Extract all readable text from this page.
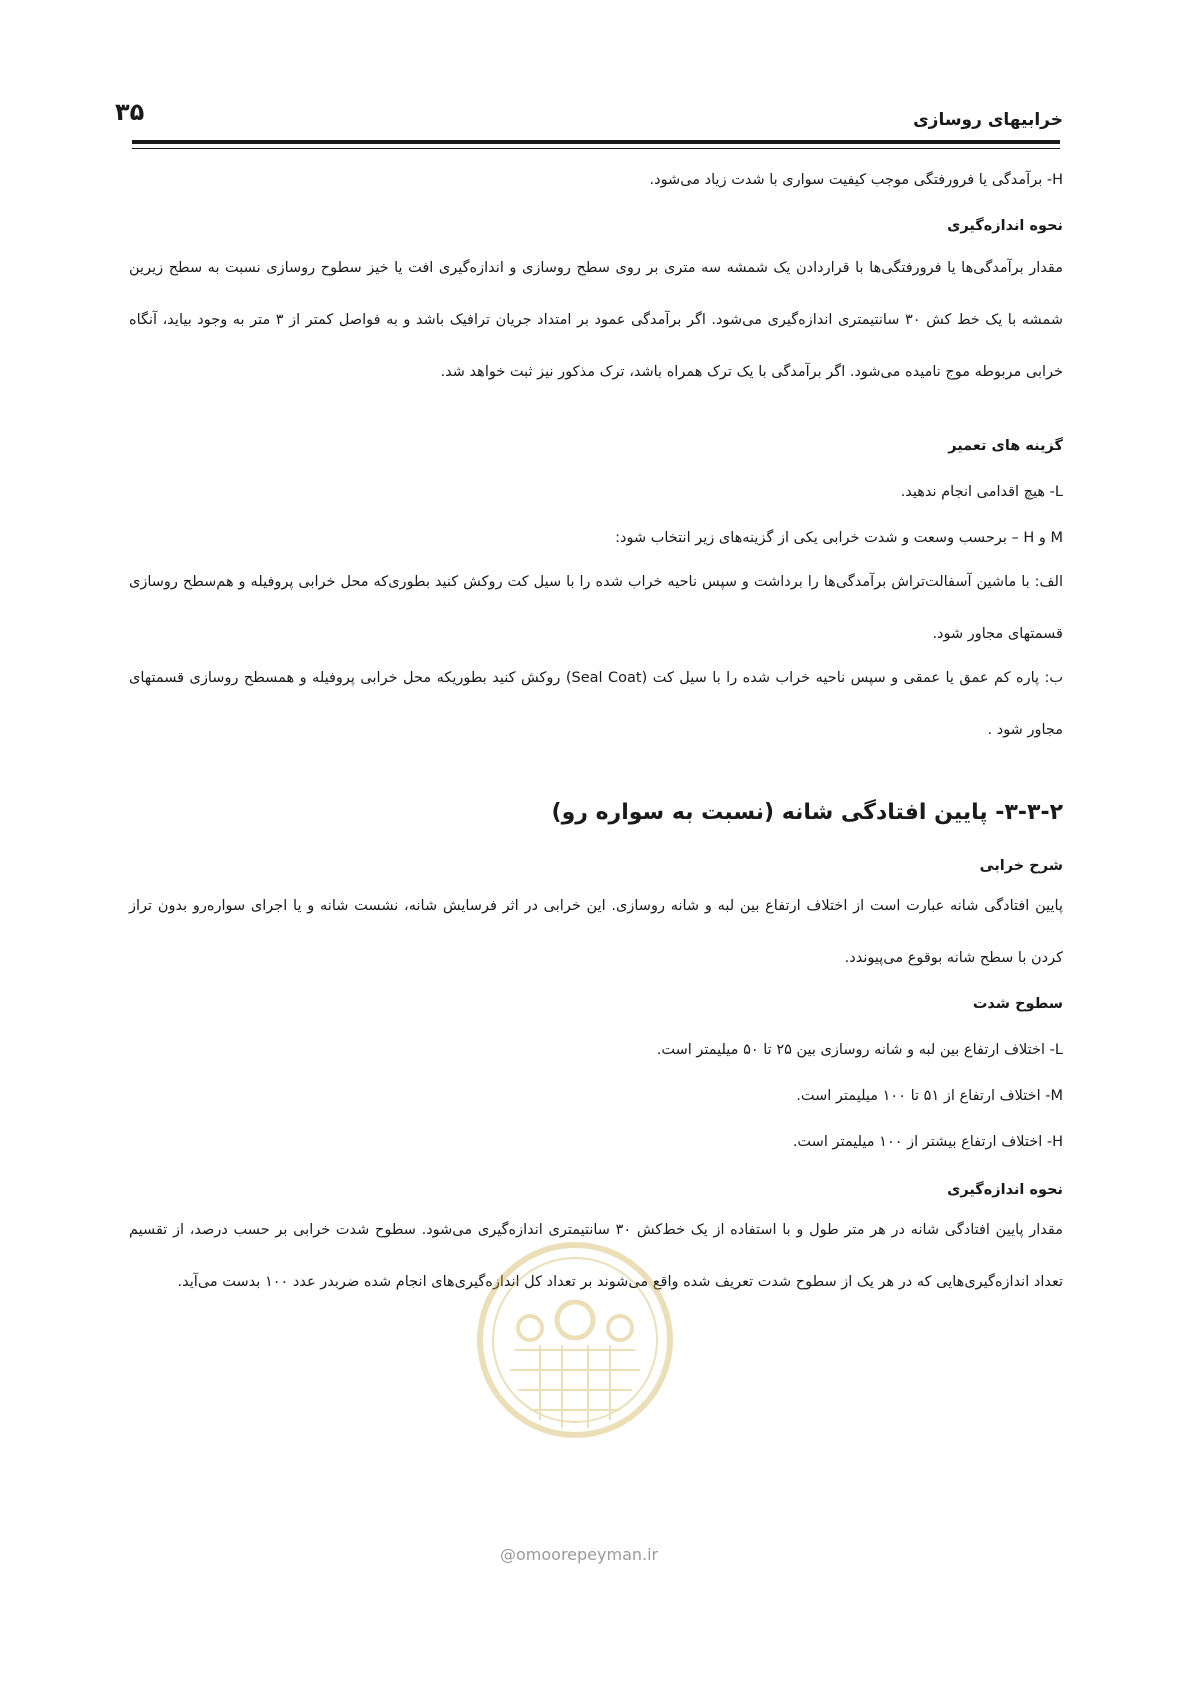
۳۵	خرابیهای روسازی
H- برآمدگی یا فرورفتگی موجب کیفیت سواری با شدت زیاد می‌شود.
نحوه اندازه‌گیری
مقدار برآمدگی‌ها یا فرورفتگی‌ها با قراردادن یک شمشه سه متری بر روی سطح روسازی و اندازه‌گیری افت یا خیز سطوح روسازی نسبت به سطح زیرین شمشه با یک خط کش ۳۰ سانتیمتری اندازه‌گیری می‌شود. اگر برآمدگی عمود بر امتداد جریان ترافیک باشد و به فواصل کمتر از ۳ متر به وجود بیاید، آنگاه خرابی مربوطه موج نامیده می‌شود. اگر برآمدگی با یک ترک همراه باشد، ترک مذکور نیز ثبت خواهد شد.
گزینه های تعمیر
L- هیچ اقدامی انجام ندهید.
M و H – برحسب وسعت و شدت خرابی یکی از گزینه‌های زیر انتخاب شود:
الف: با ماشین آسفالت‌تراش برآمدگی‌ها را برداشت و سپس ناحیه خراب شده را با سیل کت روکش کنید بطوری‌که محل خرابی پروفیله و هم‌سطح روسازی قسمتهای مجاور شود.
ب: پاره کم عمق یا عمقی و سپس ناحیه خراب شده را با سیل کت (Seal Coat) روکش کنید بطوریکه محل خرابی پروفیله و همسطح روسازی قسمتهای مجاور شود .
۳-۳-۲- پایین افتادگی شانه (نسبت به سواره رو)
شرح خرابی
پایین افتادگی شانه عبارت است از اختلاف ارتفاع بین لبه و شانه روسازی. این خرابی در اثر فرسایش شانه، نشست شانه و یا اجرای سواره‌رو بدون تراز کردن با سطح شانه بوقوع می‌پیوندد.
سطوح شدت
L- اختلاف ارتفاع بین لبه و شانه روسازی بین ۲۵ تا ۵۰ میلیمتر است.
M- اختلاف ارتفاع از ۵۱ تا ۱۰۰ میلیمتر است.
H- اختلاف ارتفاع بیشتر از ۱۰۰ میلیمتر است.
نحوه اندازه‌گیری
مقدار پایین افتادگی شانه در هر متر طول و با استفاده از یک خط‌کش ۳۰ سانتیمتری اندازه‌گیری می‌شود. سطوح شدت خرابی بر حسب درصد، از تقسیم تعداد اندازه‌گیری‌هایی که در هر یک از سطوح شدت تعریف شده واقع می‌شوند بر تعداد کل اندازه‌گیری‌های انجام شده ضربدر عدد ۱۰۰ بدست می‌آید.
@omoorepeyman.ir
